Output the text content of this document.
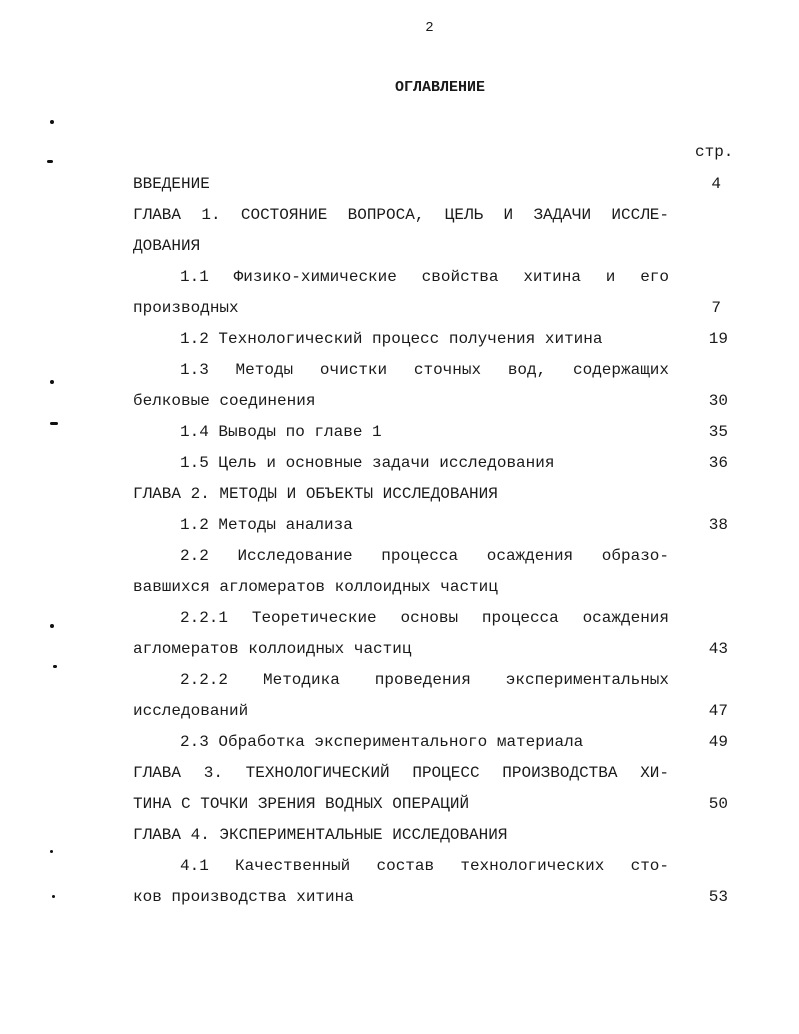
2
ОГЛАВЛЕНИЕ
стр.
ВВЕДЕНИЕ	4
ГЛАВА 1. СОСТОЯНИЕ ВОПРОСА, ЦЕЛЬ И ЗАДАЧИ ИССЛЕ-
ДОВАНИЯ
1.1 Физико-химические свойства хитина и его
производных	7
1.2 Технологический процесс получения хитина	19
1.3 Методы очистки сточных вод, содержащих
белковые соединения	30
1.4 Выводы по главе 1	35
1.5 Цель и основные задачи исследования	36
ГЛАВА 2. МЕТОДЫ И ОБЪЕКТЫ ИССЛЕДОВАНИЯ
1.2 Методы анализа	38
2.2 Исследование процесса осаждения образо-
вавшихся агломератов коллоидных частиц
2.2.1 Теоретические основы процесса осаждения
агломератов коллоидных частиц	43
2.2.2 Методика проведения экспериментальных
исследований	47
2.3 Обработка экспериментального материала	49
ГЛАВА 3. ТЕХНОЛОГИЧЕСКИЙ ПРОЦЕСС ПРОИЗВОДСТВА ХИ-
ТИНА С ТОЧКИ ЗРЕНИЯ ВОДНЫХ ОПЕРАЦИЙ	50
ГЛАВА 4. ЭКСПЕРИМЕНТАЛЬНЫЕ ИССЛЕДОВАНИЯ
4.1 Качественный состав технологических сто-
ков производства хитина	53
